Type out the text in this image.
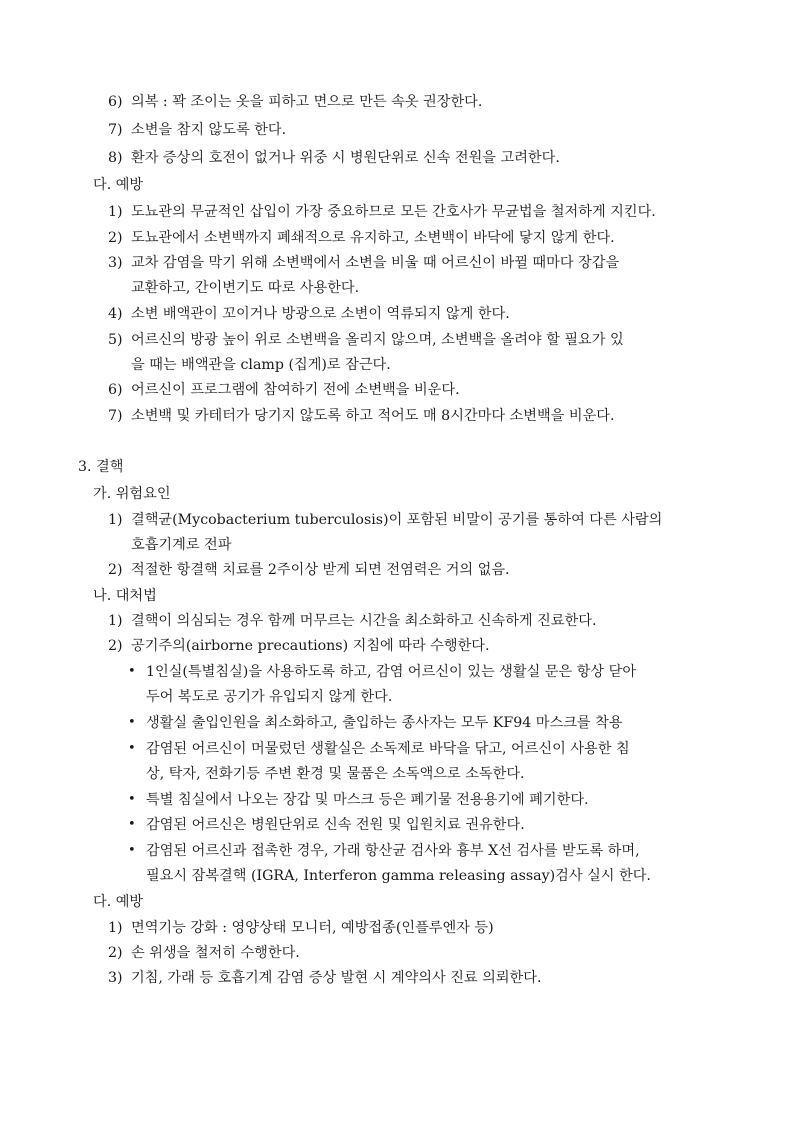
6) 의복 : 꽉 조이는 옷을 피하고 면으로 만든 속옷 권장한다.
7) 소변을 참지 않도록 한다.
8) 환자 증상의 호전이 없거나 위중 시 병원단위로 신속 전원을 고려한다.
다. 예방
1) 도뇨관의 무균적인 삽입이 가장 중요하므로 모든 간호사가 무균법을 철저하게 지킨다.
2) 도뇨관에서 소변백까지 폐쇄적으로 유지하고, 소변백이 바닥에 닿지 않게 한다.
3) 교차 감염을 막기 위해 소변백에서 소변을 비울 때 어르신이 바뀔 때마다 장갑을
교환하고, 간이변기도 따로 사용한다.
4) 소변 배액관이 꼬이거나 방광으로 소변이 역류되지 않게 한다.
5) 어르신의 방광 높이 위로 소변백을 올리지 않으며, 소변백을 올려야 할 필요가 있
을 때는 배액관을 clamp (집게)로 잠근다.
6) 어르신이 프로그램에 참여하기 전에 소변백을 비운다.
7) 소변백 및 카테터가 당기지 않도록 하고 적어도 매 8시간마다 소변백을 비운다.
3. 결핵
가. 위험요인
1) 결핵균(Mycobacterium tuberculosis)이 포함된 비말이 공기를 통하여 다른 사람의
호흡기계로 전파
2) 적절한 항결핵 치료를 2주이상 받게 되면 전염력은 거의 없음.
나. 대처법
1) 결핵이 의심되는 경우 함께 머무르는 시간을 최소화하고 신속하게 진료한다.
2) 공기주의(airborne precautions) 지침에 따라 수행한다.
• 1인실(특별침실)을 사용하도록 하고, 감염 어르신이 있는 생활실 문은 항상 닫아
두어 복도로 공기가 유입되지 않게 한다.
• 생활실 출입인원을 최소화하고, 출입하는 종사자는 모두 KF94 마스크를 착용
• 감염된 어르신이 머물렀던 생활실은 소독제로 바닥을 닦고, 어르신이 사용한 침
상, 탁자, 전화기등 주변 환경 및 물품은 소독액으로 소독한다.
• 특별 침실에서 나오는 장갑 및 마스크 등은 폐기물 전용용기에 폐기한다.
• 감염된 어르신은 병원단위로 신속 전원 및 입원치료 권유한다.
• 감염된 어르신과 접촉한 경우, 가래 항산균 검사와 흉부 X선 검사를 받도록 하며,
필요시 잠복결핵 (IGRA, Interferon gamma releasing assay)검사 실시 한다.
다. 예방
1) 면역기능 강화 : 영양상태 모니터, 예방접종(인플루엔자 등)
2) 손 위생을 철저히 수행한다.
3) 기침, 가래 등 호흡기계 감염 증상 발현 시 계약의사 진료 의뢰한다.
